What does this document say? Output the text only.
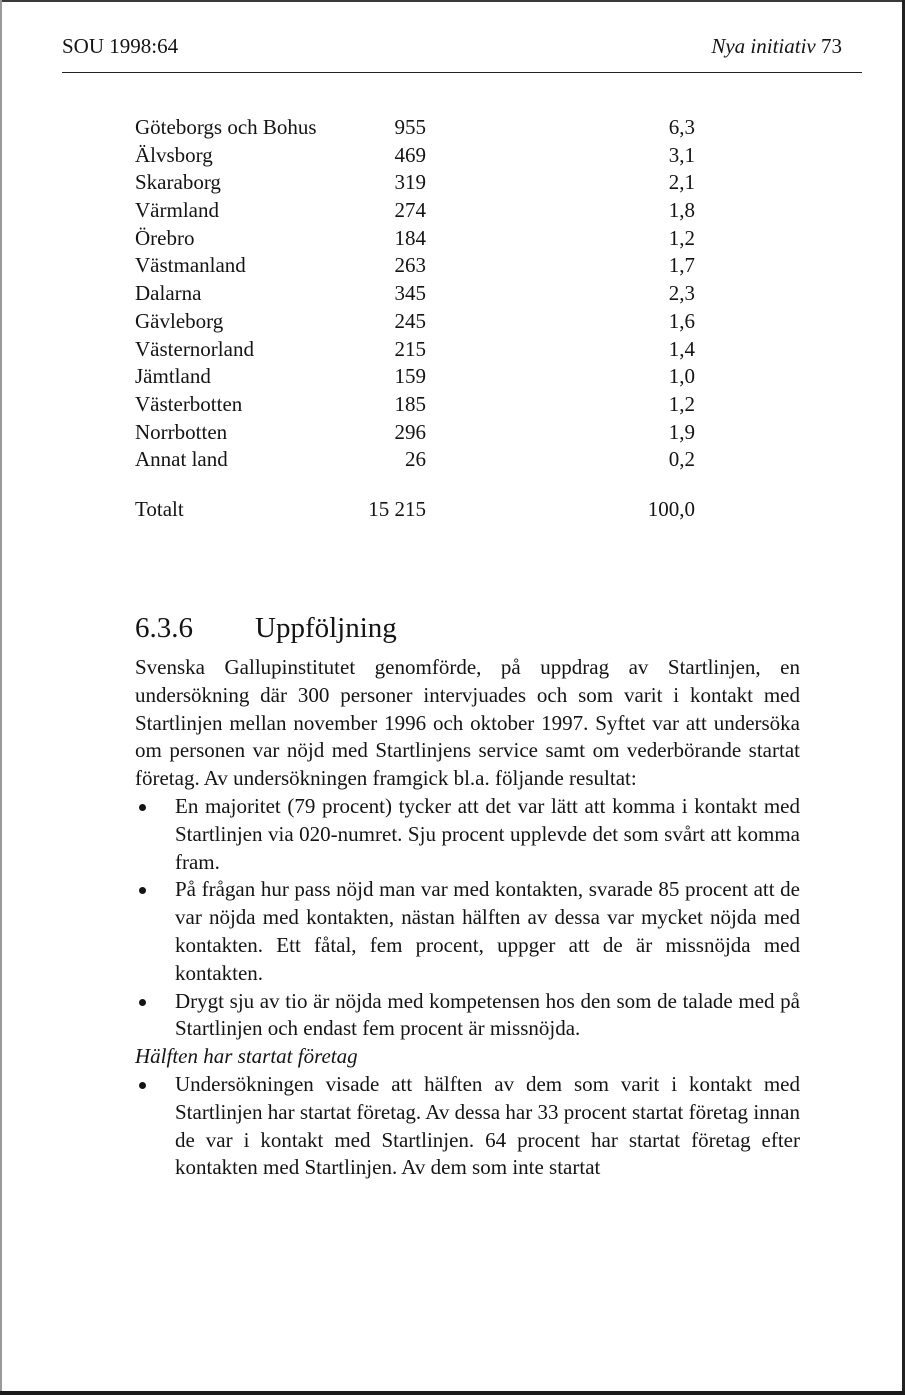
SOU 1998:64	Nya initiativ 73
Göteborgs och Bohus	955	6,3
Älvsborg	469	3,1
Skaraborg	319	2,1
Värmland	274	1,8
Örebro	184	1,2
Västmanland	263	1,7
Dalarna	345	2,3
Gävleborg	245	1,6
Västernorland	215	1,4
Jämtland	159	1,0
Västerbotten	185	1,2
Norrbotten	296	1,9
Annat land	26	0,2
Totalt	15 215	100,0
6.3.6 Uppföljning

Svenska Gallupinstitutet genomförde, på uppdrag av Startlinjen, en undersökning där 300 personer intervjuades och som varit i kontakt med Startlinjen mellan november 1996 och oktober 1997. Syftet var att undersöka om personen var nöjd med Startlinjens service samt om vederbörande startat företag. Av undersökningen framgick bl.a. följande resultat:

En majoritet (79 procent) tycker att det var lätt att komma i kontakt med Startlinjen via 020-numret. Sju procent upplevde det som svårt att komma fram.
På frågan hur pass nöjd man var med kontakten, svarade 85 procent att de var nöjda med kontakten, nästan hälften av dessa var mycket nöjda med kontakten. Ett fåtal, fem procent, uppger att de är missnöjda med kontakten.
Drygt sju av tio är nöjda med kompetensen hos den som de talade med på Startlinjen och endast fem procent är missnöjda.

Hälften har startat företag

Undersökningen visade att hälften av dem som varit i kontakt med Startlinjen har startat företag. Av dessa har 33 procent startat företag innan de var i kontakt med Startlinjen. 64 procent har startat företag efter kontakten med Startlinjen. Av dem som inte startat
